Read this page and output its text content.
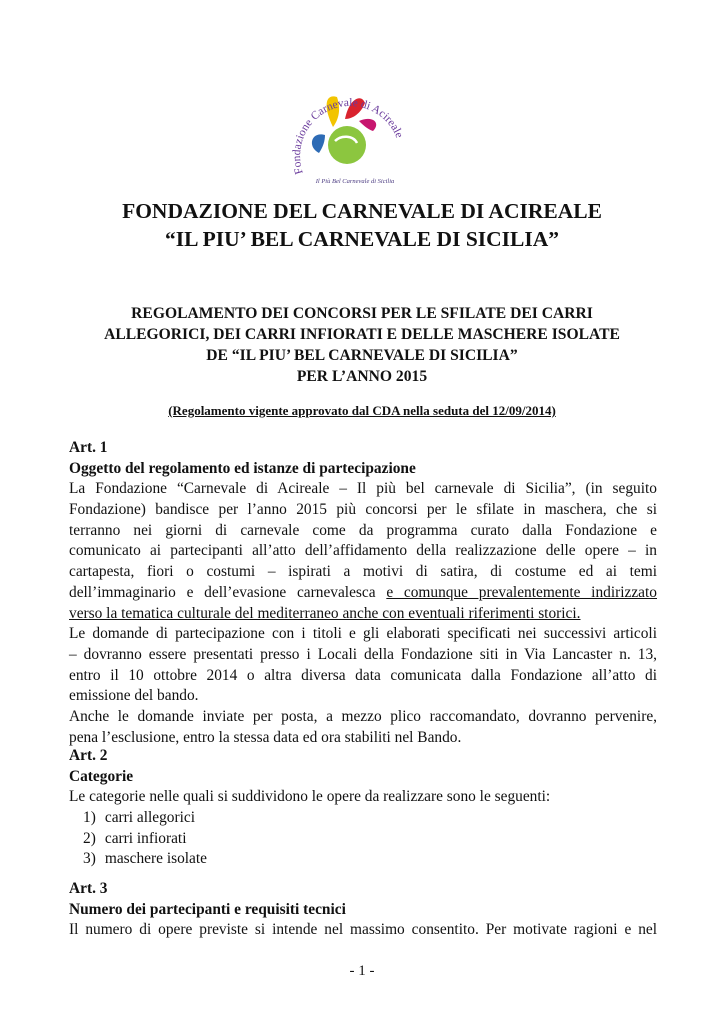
Fondazione Carnevale di Acireale
Il Più Bel Carnevale di Sicilia
FONDAZIONE DEL CARNEVALE DI ACIREALE
“IL PIU’ BEL CARNEVALE DI SICILIA”
REGOLAMENTO DEI CONCORSI PER LE SFILATE DEI CARRI
ALLEGORICI, DEI CARRI INFIORATI E DELLE MASCHERE ISOLATE
DE “IL PIU’ BEL CARNEVALE DI SICILIA”
PER L’ANNO 2015
(Regolamento vigente approvato dal CDA nella seduta del 12/09/2014)
Art. 1
Oggetto del regolamento ed istanze di partecipazione
La Fondazione “Carnevale di Acireale – Il più bel carnevale di Sicilia”, (in seguito
Fondazione) bandisce per l’anno 2015 più concorsi per le sfilate in maschera, che si
terranno nei giorni di carnevale come da programma curato dalla Fondazione e
comunicato ai partecipanti all’atto dell’affidamento della realizzazione delle opere – in
cartapesta, fiori o costumi – ispirati a motivi di satira, di costume ed ai temi
dell’immaginario e dell’evasione carnevalesca e comunque prevalentemente indirizzato
verso la tematica culturale del mediterraneo anche con eventuali riferimenti storici.
Le domande di partecipazione con i titoli e gli elaborati specificati nei successivi articoli
– dovranno essere presentati presso i Locali della Fondazione siti in Via Lancaster n. 13,
entro il 10 ottobre 2014 o altra diversa data comunicata dalla Fondazione all’atto di
emissione del bando.
Anche le domande inviate per posta, a mezzo plico raccomandato, dovranno pervenire,
pena l’esclusione, entro la stessa data ed ora stabiliti nel Bando.
Art. 2
Categorie
Le categorie nelle quali si suddividono le opere da realizzare sono le seguenti:
1) carri allegorici
2) carri infiorati
3) maschere isolate
Art. 3
Numero dei partecipanti e requisiti tecnici
Il numero di opere previste si intende nel massimo consentito. Per motivate ragioni e nel
- 1 -
